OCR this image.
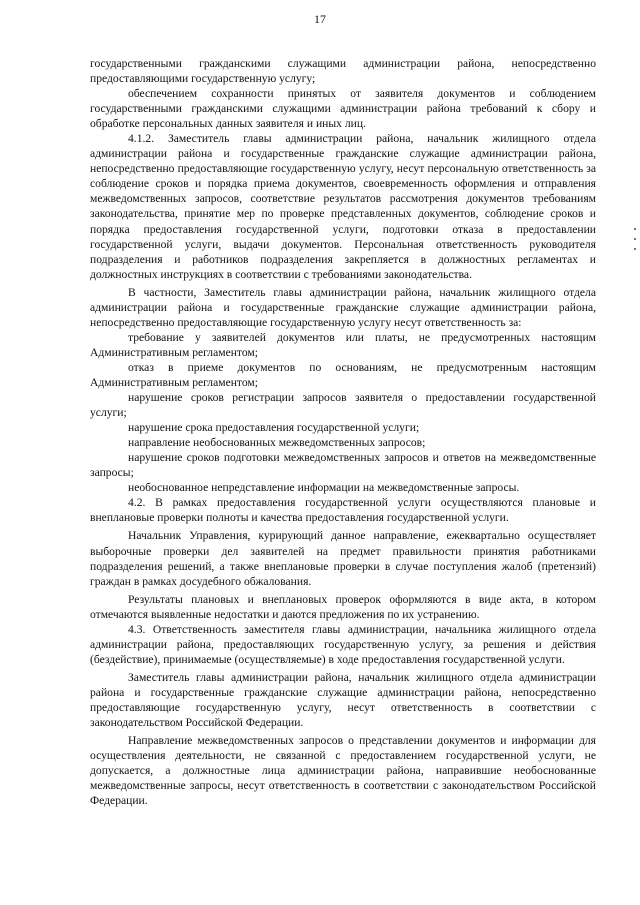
17

государственными гражданскими служащими администрации района, непосредственно предоставляющими государственную услугу;

обеспечением сохранности принятых от заявителя документов и соблюдением государственными гражданскими служащими администрации района требований к сбору и обработке персональных данных заявителя и иных лиц.

4.1.2. Заместитель главы администрации района, начальник жилищного отдела администрации района и государственные гражданские служащие администрации района, непосредственно предоставляющие государственную услугу, несут персональную ответственность за соблюдение сроков и порядка приема документов, своевременность оформления и отправления межведомственных запросов, соответствие результатов рассмотрения документов требованиям законодательства, принятие мер по проверке представленных документов, соблюдение сроков и порядка предоставления государственной услуги, подготовки отказа в предоставлении государственной услуги, выдачи документов. Персональная ответственность руководителя подразделения и работников подразделения закрепляется в должностных регламентах и должностных инструкциях в соответствии с требованиями законодательства.

В частности, Заместитель главы администрации района, начальник жилищного отдела администрации района и государственные гражданские служащие администрации района, непосредственно предоставляющие государственную услугу несут ответственность за:

требование у заявителей документов или платы, не предусмотренных настоящим Административным регламентом;

отказ в приеме документов по основаниям, не предусмотренным настоящим Административным регламентом;

нарушение сроков регистрации запросов заявителя о предоставлении государственной услуги;

нарушение срока предоставления государственной услуги;

направление необоснованных межведомственных запросов;

нарушение сроков подготовки межведомственных запросов и ответов на межведомственные запросы;

необоснованное непредставление информации на межведомственные запросы.

4.2. В рамках предоставления государственной услуги осуществляются плановые и внеплановые проверки полноты и качества предоставления государственной услуги.

Начальник Управления, курирующий данное направление, ежеквартально осуществляет выборочные проверки дел заявителей на предмет правильности принятия работниками подразделения решений, а также внеплановые проверки в случае поступления жалоб (претензий) граждан в рамках досудебного обжалования.

Результаты плановых и внеплановых проверок оформляются в виде акта, в котором отмечаются выявленные недостатки и даются предложения по их устранению.

4.3. Ответственность заместителя главы администрации, начальника жилищного отдела администрации района, предоставляющих государственную услугу, за решения и действия (бездействие), принимаемые (осуществляемые) в ходе предоставления государственной услуги.

Заместитель главы администрации района, начальник жилищного отдела администрации района и государственные гражданские служащие администрации района, непосредственно предоставляющие государственную услугу, несут ответственность в соответствии с законодательством Российской Федерации.

Направление межведомственных запросов о представлении документов и информации для осуществления деятельности, не связанной с предоставлением государственной услуги, не допускается, а должностные лица администрации района, направившие необоснованные межведомственные запросы, несут ответственность в соответствии с законодательством Российской Федерации.
